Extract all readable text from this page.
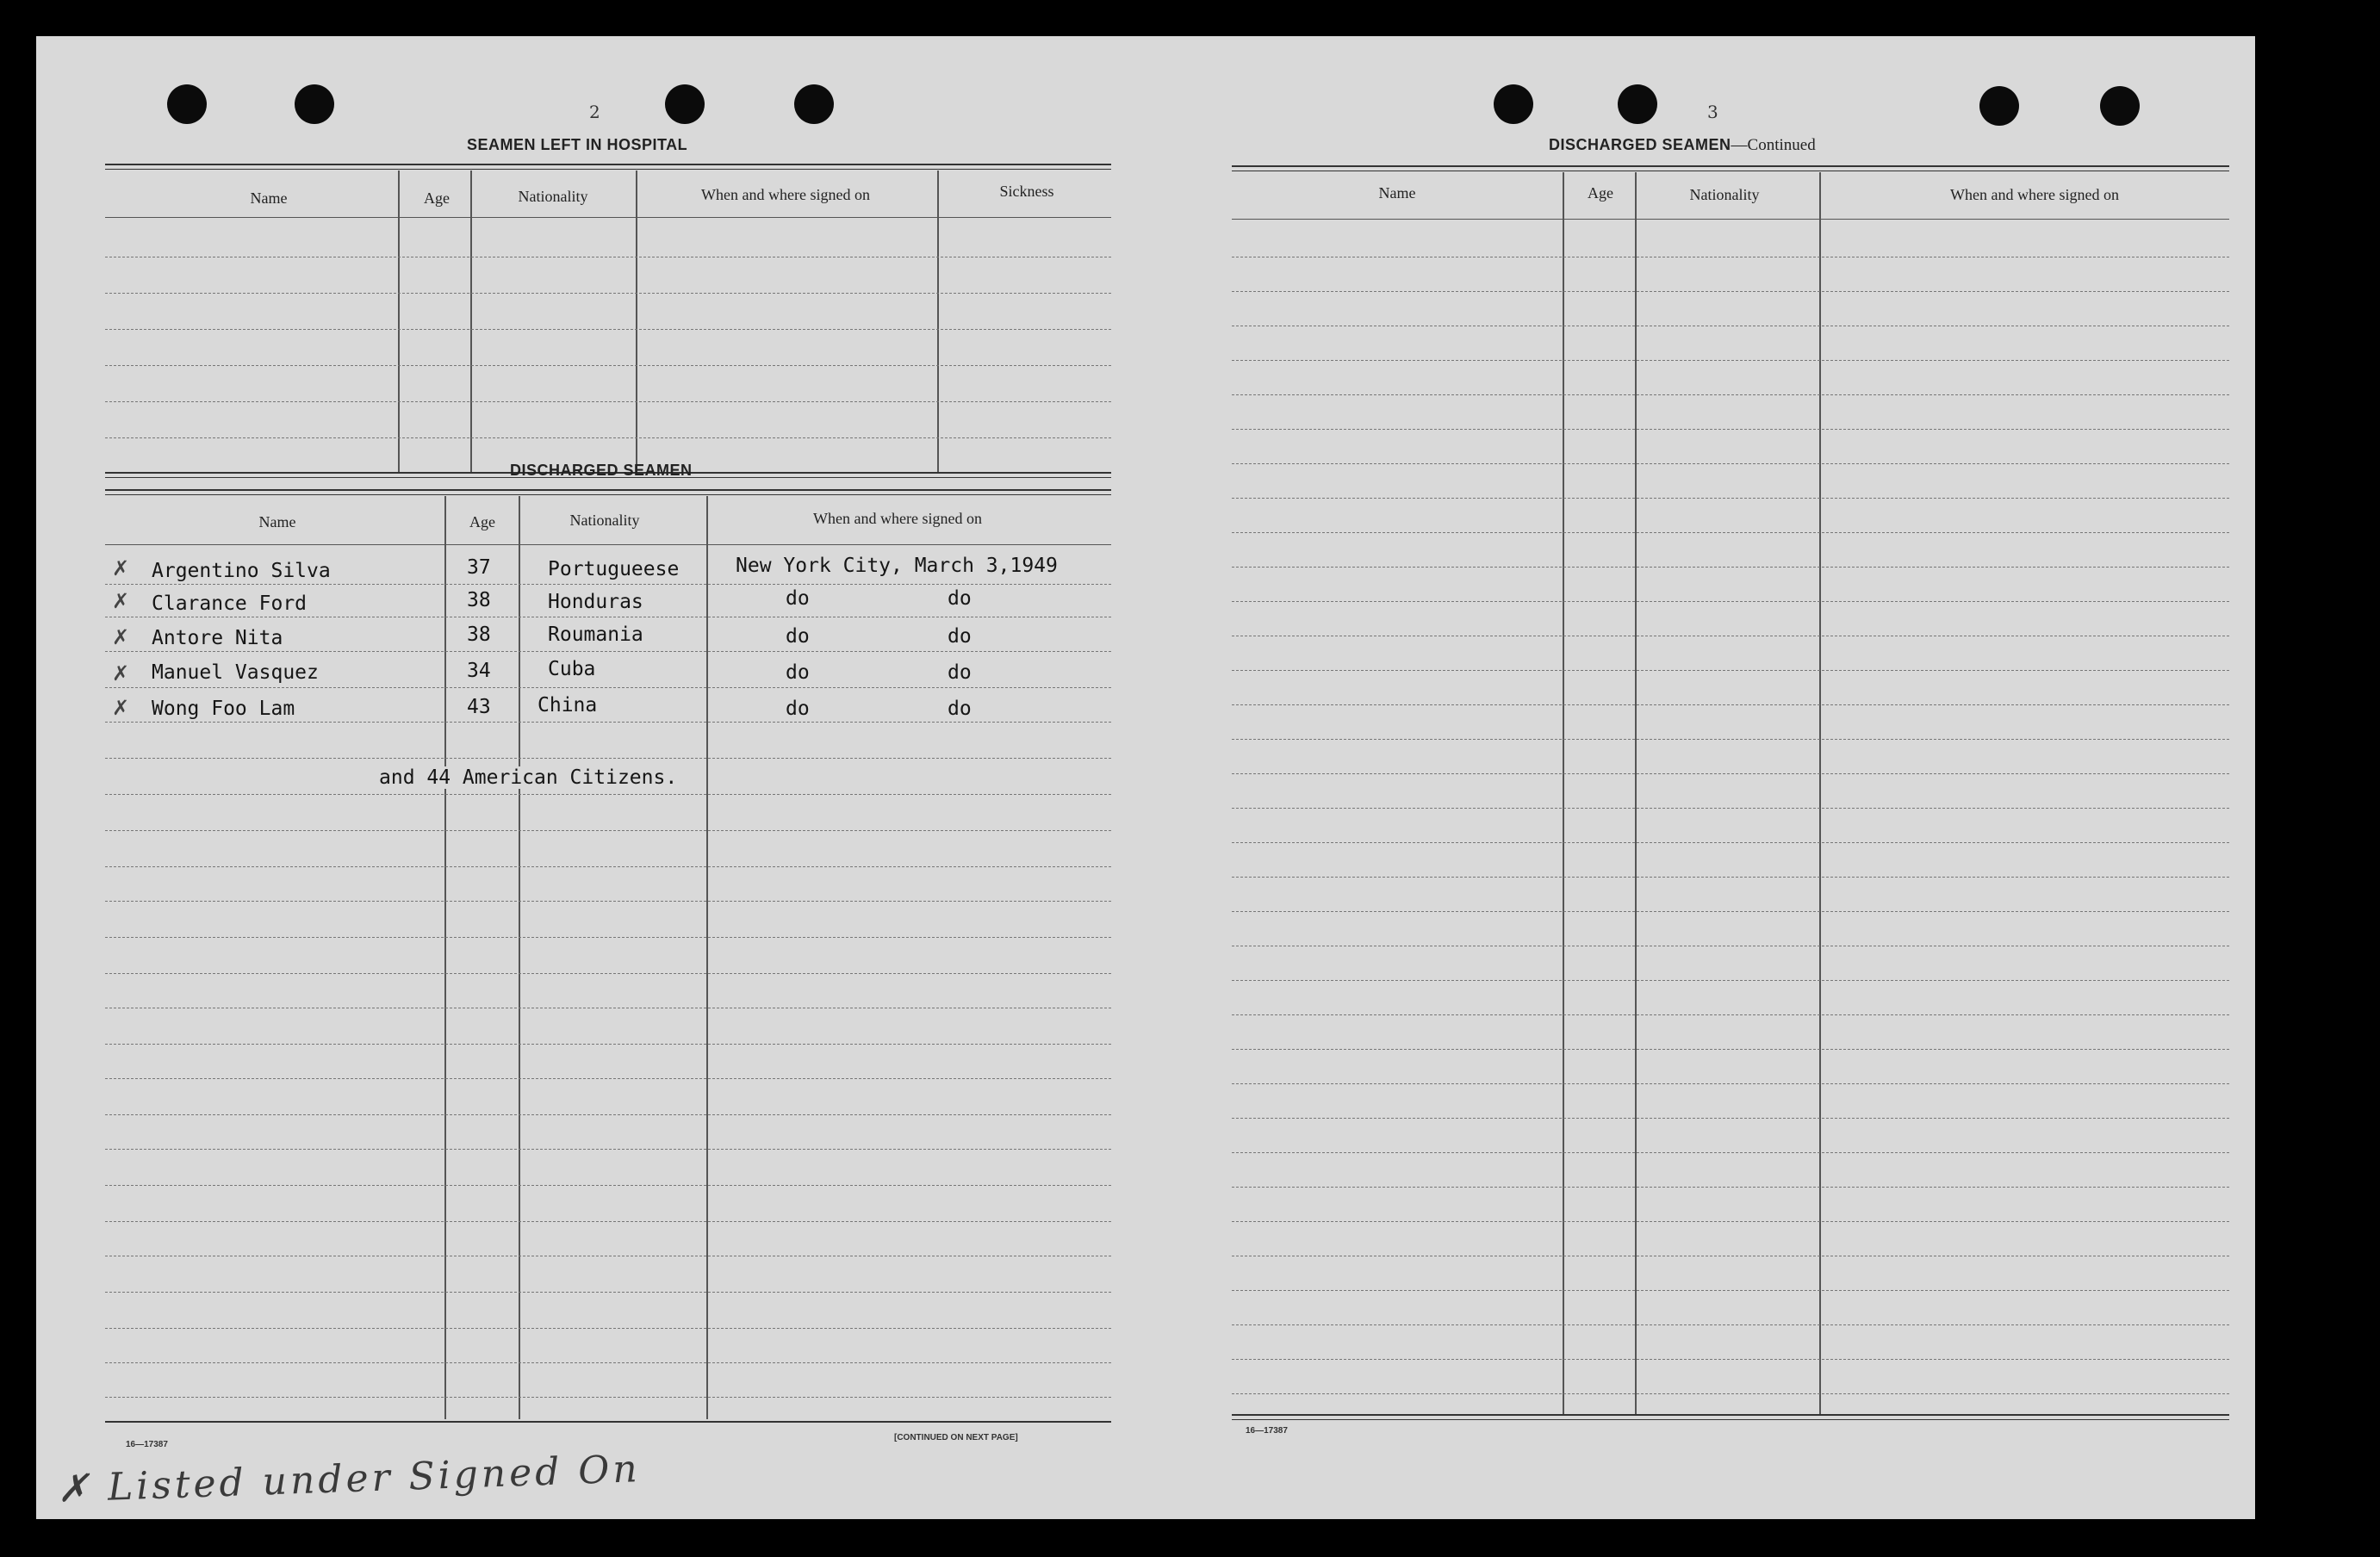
2
SEAMEN LEFT IN HOSPITAL
Name	Age	Nationality	When and where signed on	Sickness
DISCHARGED SEAMEN
Name	Age	Nationality	When and where signed on
✗ Argentino Silva	37	Portugueese	New York City, March 3,1949
✗ Clarance Ford	38	Honduras	do	do
✗ Antore Nita	38	Roumania	do	do
✗ Manuel Vasquez	34	Cuba	do	do
✗ Wong Foo Lam	43 China	do	do
and 44 American Citizens.
16—17387
[CONTINUED ON NEXT PAGE]
3
DISCHARGED SEAMEN—Continued
Name	Age	Nationality	When and where signed on
16—17387
✗ Listed under Signed On
